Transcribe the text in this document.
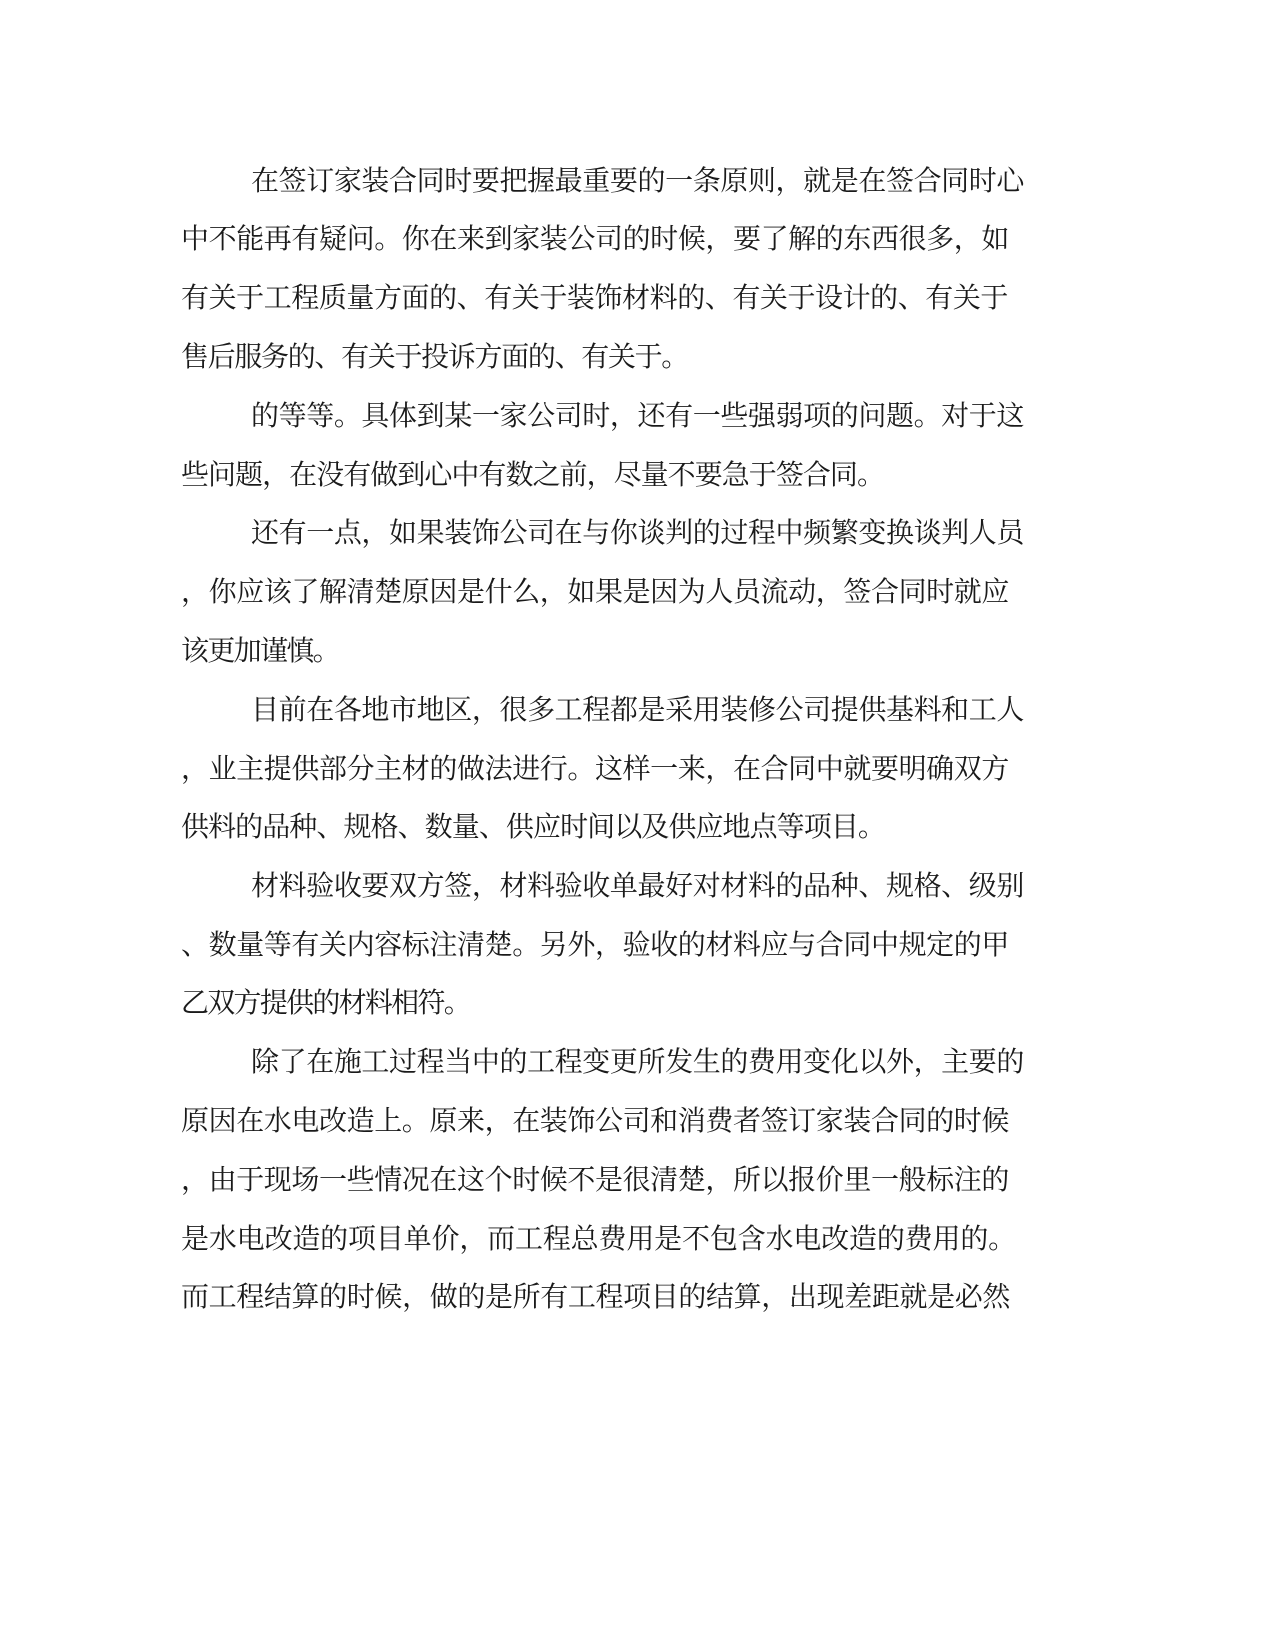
在签订家装合同时要把握最重要的一条原则，就是在签合同时心
中不能再有疑问。你在来到家装公司的时候，要了解的东西很多，如
有关于工程质量方面的、有关于装饰材料的、有关于设计的、有关于
售后服务的、有关于投诉方面的、有关于。
的等等。具体到某一家公司时，还有一些强弱项的问题。对于这
些问题，在没有做到心中有数之前，尽量不要急于签合同。
还有一点，如果装饰公司在与你谈判的过程中频繁变换谈判人员
，你应该了解清楚原因是什么，如果是因为人员流动，签合同时就应
该更加谨慎。
目前在各地市地区，很多工程都是采用装修公司提供基料和工人
，业主提供部分主材的做法进行。这样一来，在合同中就要明确双方
供料的品种、规格、数量、供应时间以及供应地点等项目。
材料验收要双方签，材料验收单最好对材料的品种、规格、级别
、数量等有关内容标注清楚。另外，验收的材料应与合同中规定的甲
乙双方提供的材料相符。
除了在施工过程当中的工程变更所发生的费用变化以外，主要的
原因在水电改造上。原来，在装饰公司和消费者签订家装合同的时候
，由于现场一些情况在这个时候不是很清楚，所以报价里一般标注的
是水电改造的项目单价，而工程总费用是不包含水电改造的费用的。
而工程结算的时候，做的是所有工程项目的结算，出现差距就是必然
